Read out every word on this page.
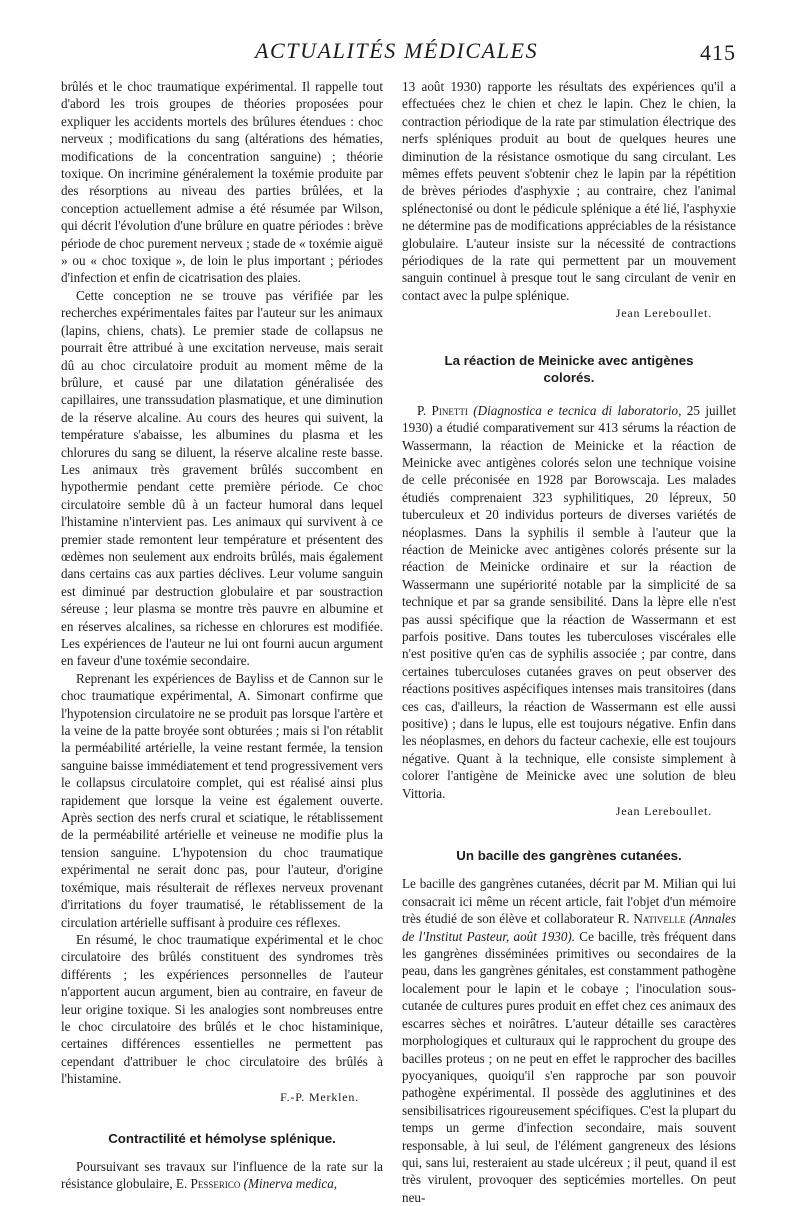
ACTUALITÉS MÉDICALES	415

brûlés et le choc traumatique expérimental. Il rappelle tout d'abord les trois groupes de théories proposées pour expliquer les accidents mortels des brûlures étendues : choc nerveux ; modifications du sang (altérations des hématies, modifications de la concentration sanguine) ; théorie toxique. On incrimine généralement la toxémie produite par des résorptions au niveau des parties brûlées, et la conception actuellement admise a été résumée par Wilson, qui décrit l'évolution d'une brûlure en quatre périodes : brève période de choc purement nerveux ; stade de « toxémie aiguë » ou « choc toxique », de loin le plus important ; périodes d'infection et enfin de cicatrisation des plaies.

Cette conception ne se trouve pas vérifiée par les recherches expérimentales faites par l'auteur sur les animaux (lapins, chiens, chats). Le premier stade de collapsus ne pourrait être attribué à une excitation nerveuse, mais serait dû au choc circulatoire produit au moment même de la brûlure, et causé par une dilatation généralisée des capillaires, une transsudation plasmatique, et une diminution de la réserve alcaline. Au cours des heures qui suivent, la température s'abaisse, les albumines du plasma et les chlorures du sang se diluent, la réserve alcaline reste basse. Les animaux très gravement brûlés succombent en hypothermie pendant cette première période. Ce choc circulatoire semble dû à un facteur humoral dans lequel l'histamine n'intervient pas. Les animaux qui survivent à ce premier stade remontent leur température et présentent des œdèmes non seulement aux endroits brûlés, mais également dans certains cas aux parties déclives. Leur volume sanguin est diminué par destruction globulaire et par soustraction séreuse ; leur plasma se montre très pauvre en albumine et en réserves alcalines, sa richesse en chlorures est modifiée. Les expériences de l'auteur ne lui ont fourni aucun argument en faveur d'une toxémie secondaire.

Reprenant les expériences de Bayliss et de Cannon sur le choc traumatique expérimental, A. Simonart confirme que l'hypotension circulatoire ne se produit pas lorsque l'artère et la veine de la patte broyée sont obturées ; mais si l'on rétablit la perméabilité artérielle, la veine restant fermée, la tension sanguine baisse immédiatement et tend progressivement vers le collapsus circulatoire complet, qui est réalisé ainsi plus rapidement que lorsque la veine est également ouverte. Après section des nerfs crural et sciatique, le rétablissement de la perméabilité artérielle et veineuse ne modifie plus la tension sanguine. L'hypotension du choc traumatique expérimental ne serait donc pas, pour l'auteur, d'origine toxémique, mais résulterait de réflexes nerveux provenant d'irritations du foyer traumatisé, le rétablissement de la circulation artérielle suffisant à produire ces réflexes.

En résumé, le choc traumatique expérimental et le choc circulatoire des brûlés constituent des syndromes très différents ; les expériences personnelles de l'auteur n'apportent aucun argument, bien au contraire, en faveur de leur origine toxique. Si les analogies sont nombreuses entre le choc circulatoire des brûlés et le choc histaminique, certaines différences essentielles ne permettent pas cependant d'attribuer le choc circulatoire des brûlés à l'histamine.

F.-P. Merklen.
Contractilité et hémolyse splénique.

Poursuivant ses travaux sur l'influence de la rate sur la résistance globulaire, E. Pesserico (Minerva medica,

13 août 1930) rapporte les résultats des expériences qu'il a effectuées chez le chien et chez le lapin. Chez le chien, la contraction périodique de la rate par stimulation électrique des nerfs spléniques produit au bout de quelques heures une diminution de la résistance osmotique du sang circulant. Les mêmes effets peuvent s'obtenir chez le lapin par la répétition de brèves périodes d'asphyxie ; au contraire, chez l'animal splénectonisé ou dont le pédicule splénique a été lié, l'asphyxie ne détermine pas de modifications appréciables de la résistance globulaire. L'auteur insiste sur la nécessité de contractions périodiques de la rate qui permettent par un mouvement sanguin continuel à presque tout le sang circulant de venir en contact avec la pulpe splénique.

Jean Lereboullet.
La réaction de Meinicke avec antigènes colorés.

P. Pinetti (Diagnostica e tecnica di laboratorio, 25 juillet 1930) a étudié comparativement sur 413 sérums la réaction de Wassermann, la réaction de Meinicke et la réaction de Meinicke avec antigènes colorés selon une technique voisine de celle préconisée en 1928 par Borowscaja. Les malades étudiés comprenaient 323 syphilitiques, 20 lépreux, 50 tuberculeux et 20 individus porteurs de diverses variétés de néoplasmes. Dans la syphilis il semble à l'auteur que la réaction de Meinicke avec antigènes colorés présente sur la réaction de Meinicke ordinaire et sur la réaction de Wassermann une supériorité notable par la simplicité de sa technique et par sa grande sensibilité. Dans la lèpre elle n'est pas aussi spécifique que la réaction de Wassermann et est parfois positive. Dans toutes les tuberculoses viscérales elle n'est positive qu'en cas de syphilis associée ; par contre, dans certaines tuberculoses cutanées graves on peut observer des réactions positives aspécifiques intenses mais transitoires (dans ces cas, d'ailleurs, la réaction de Wassermann est elle aussi positive) ; dans le lupus, elle est toujours négative. Enfin dans les néoplasmes, en dehors du facteur cachexie, elle est toujours négative. Quant à la technique, elle consiste simplement à colorer l'antigène de Meinicke avec une solution de bleu Vittoria.

Jean Lereboullet.
Un bacille des gangrènes cutanées.

Le bacille des gangrènes cutanées, décrit par M. Milian qui lui consacrait ici même un récent article, fait l'objet d'un mémoire très étudié de son élève et collaborateur R. Nativelle (Annales de l'Institut Pasteur, août 1930). Ce bacille, très fréquent dans les gangrènes disséminées primitives ou secondaires de la peau, dans les gangrènes génitales, est constamment pathogène localement pour le lapin et le cobaye ; l'inoculation sous-cutanée de cultures pures produit en effet chez ces animaux des escarres sèches et noirâtres. L'auteur détaille ses caractères morphologiques et culturaux qui le rapprochent du groupe des bacilles proteus ; on ne peut en effet le rapprocher des bacilles pyocyaniques, quoiqu'il s'en rapproche par son pouvoir pathogène expérimental. Il possède des agglutinines et des sensibilisatrices rigoureusement spécifiques. C'est la plupart du temps un germe d'infection secondaire, mais souvent responsable, à lui seul, de l'élément gangreneux des lésions qui, sans lui, resteraient au stade ulcéreux ; il peut, quand il est très virulent, provoquer des septicémies mortelles. On peut neu-
